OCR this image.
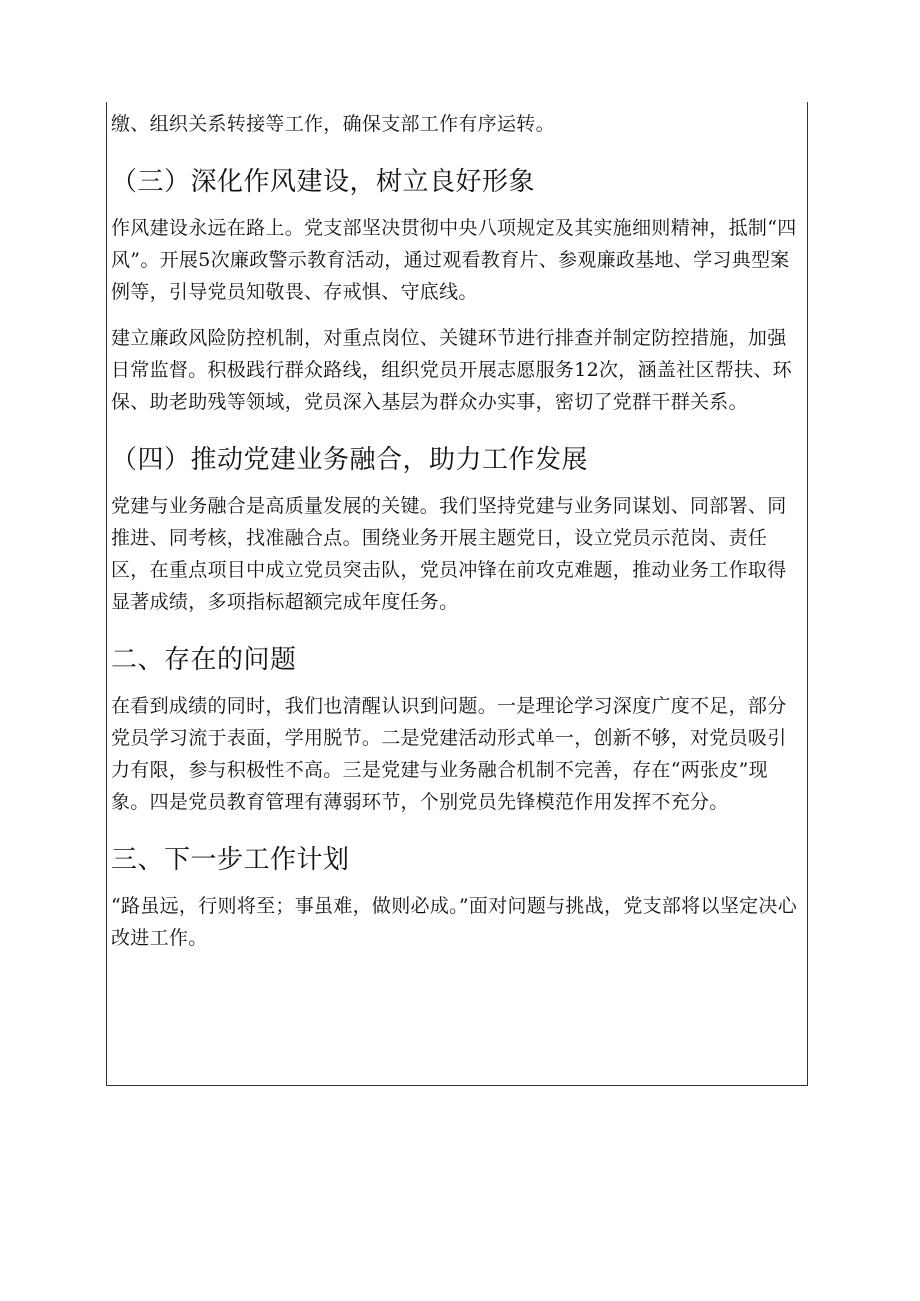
缴、组织关系转接等工作，确保支部工作有序运转。

（三）深化作风建设，树立良好形象

作风建设永远在路上。党支部坚决贯彻中央八项规定及其实施细则精神，抵制“四风”。开展5次廉政警示教育活动，通过观看教育片、参观廉政基地、学习典型案例等，引导党员知敬畏、存戒惧、守底线。

建立廉政风险防控机制，对重点岗位、关键环节进行排查并制定防控措施，加强日常监督。积极践行群众路线，组织党员开展志愿服务12次，涵盖社区帮扶、环保、助老助残等领域，党员深入基层为群众办实事，密切了党群干群关系。

（四）推动党建业务融合，助力工作发展

党建与业务融合是高质量发展的关键。我们坚持党建与业务同谋划、同部署、同推进、同考核，找准融合点。围绕业务开展主题党日，设立党员示范岗、责任区，在重点项目中成立党员突击队，党员冲锋在前攻克难题，推动业务工作取得显著成绩，多项指标超额完成年度任务。

二、存在的问题

在看到成绩的同时，我们也清醒认识到问题。一是理论学习深度广度不足，部分党员学习流于表面，学用脱节。二是党建活动形式单一，创新不够，对党员吸引力有限，参与积极性不高。三是党建与业务融合机制不完善，存在“两张皮”现象。四是党员教育管理有薄弱环节，个别党员先锋模范作用发挥不充分。

三、下一步工作计划

“路虽远，行则将至；事虽难，做则必成。”面对问题与挑战，党支部将以坚定决心改进工作。
